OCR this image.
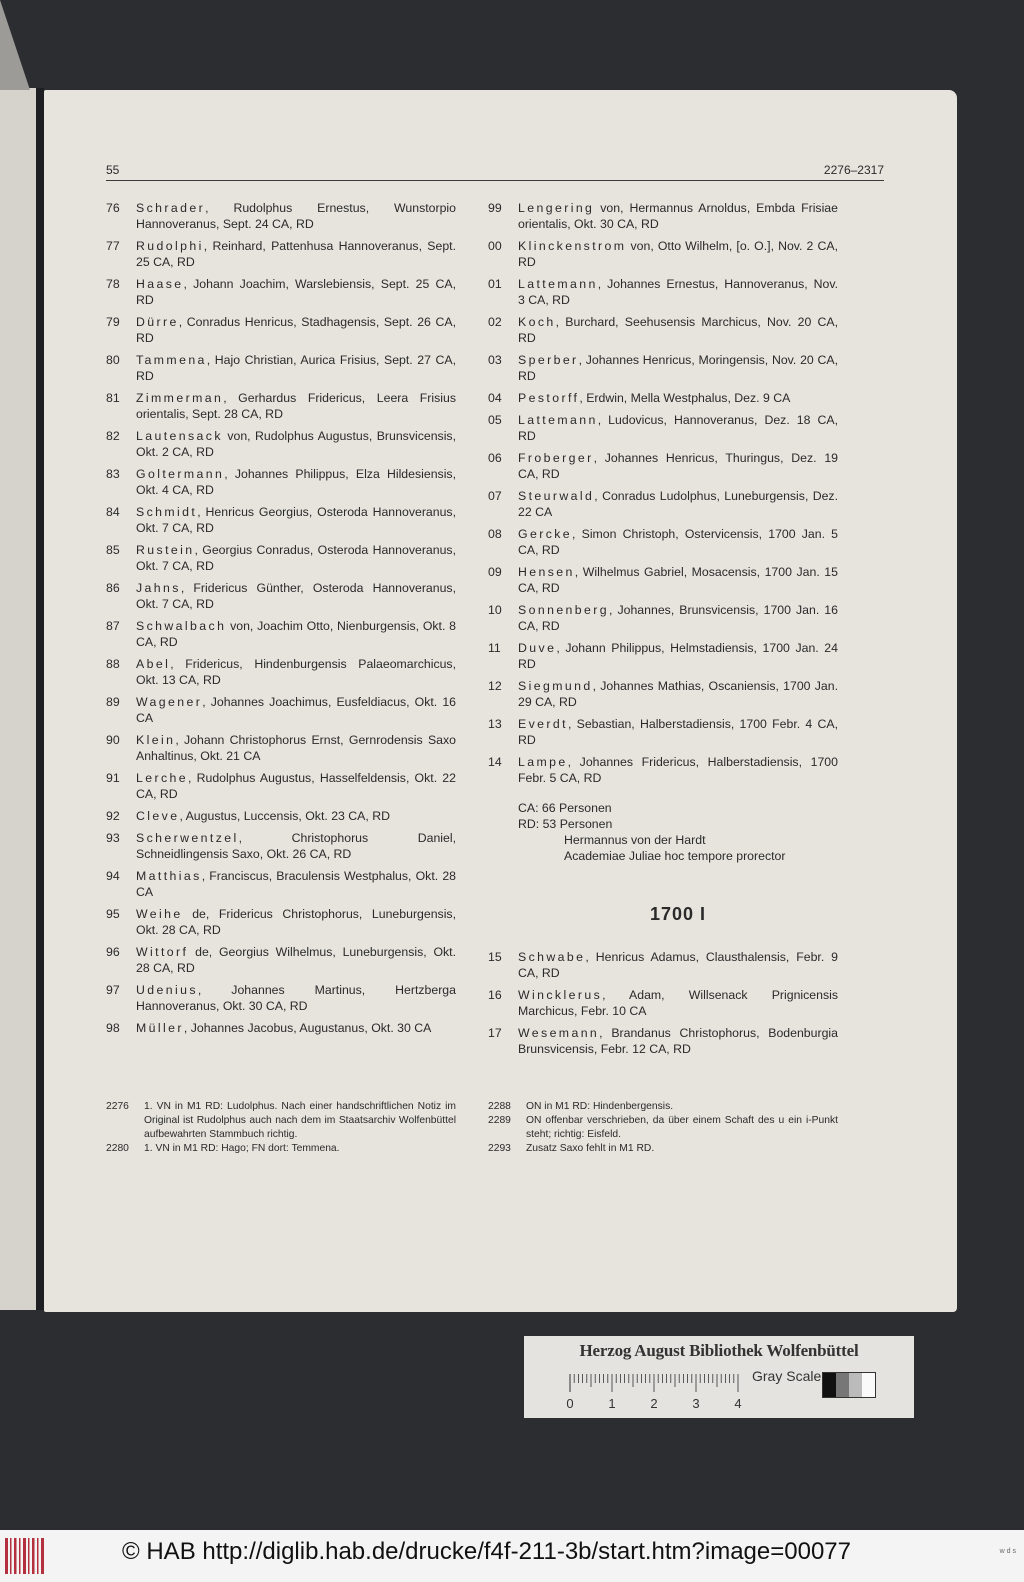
55	2276–2317
76	Schrader, Rudolphus Ernestus, Wunstorpio Hannoveranus, Sept. 24 CA, RD
77	Rudolphi, Reinhard, Pattenhusa Hannoveranus, Sept. 25 CA, RD
78	Haase, Johann Joachim, Warslebiensis, Sept. 25 CA, RD
79	Dürre, Conradus Henricus, Stadhagensis, Sept. 26 CA, RD
80	Tammena, Hajo Christian, Aurica Frisius, Sept. 27 CA, RD
81	Zimmerman, Gerhardus Fridericus, Leera Frisius orientalis, Sept. 28 CA, RD
82	Lautensack von, Rudolphus Augustus, Brunsvicensis, Okt. 2 CA, RD
83	Goltermann, Johannes Philippus, Elza Hildesiensis, Okt. 4 CA, RD
84	Schmidt, Henricus Georgius, Osteroda Hannoveranus, Okt. 7 CA, RD
85	Rustein, Georgius Conradus, Osteroda Hannoveranus, Okt. 7 CA, RD
86	Jahns, Fridericus Günther, Osteroda Hannoveranus, Okt. 7 CA, RD
87	Schwalbach von, Joachim Otto, Nienburgensis, Okt. 8 CA, RD
88	Abel, Fridericus, Hindenburgensis Palaeomarchicus, Okt. 13 CA, RD
89	Wagener, Johannes Joachimus, Eusfeldiacus, Okt. 16 CA
90	Klein, Johann Christophorus Ernst, Gernrodensis Saxo Anhaltinus, Okt. 21 CA
91	Lerche, Rudolphus Augustus, Hasselfeldensis, Okt. 22 CA, RD
92	Cleve, Augustus, Luccensis, Okt. 23 CA, RD
93	Scherwentzel, Christophorus Daniel, Schneidlingensis Saxo, Okt. 26 CA, RD
94	Matthias, Franciscus, Braculensis Westphalus, Okt. 28 CA
95	Weihe de, Fridericus Christophorus, Luneburgensis, Okt. 28 CA, RD
96	Wittorf de, Georgius Wilhelmus, Luneburgensis, Okt. 28 CA, RD
97	Udenius, Johannes Martinus, Hertzberga Hannoveranus, Okt. 30 CA, RD
98	Müller, Johannes Jacobus, Augustanus, Okt. 30 CA
99	Lengering von, Hermannus Arnoldus, Embda Frisiae orientalis, Okt. 30 CA, RD
00	Klinckenstrom von, Otto Wilhelm, [o. O.], Nov. 2 CA, RD
01	Lattemann, Johannes Ernestus, Hannoveranus, Nov. 3 CA, RD
02	Koch, Burchard, Seehusensis Marchicus, Nov. 20 CA, RD
03	Sperber, Johannes Henricus, Moringensis, Nov. 20 CA, RD
04	Pestorff, Erdwin, Mella Westphalus, Dez. 9 CA
05	Lattemann, Ludovicus, Hannoveranus, Dez. 18 CA, RD
06	Froberger, Johannes Henricus, Thuringus, Dez. 19 CA, RD
07	Steurwald, Conradus Ludolphus, Luneburgensis, Dez. 22 CA
08	Gercke, Simon Christoph, Ostervicensis, 1700 Jan. 5 CA, RD
09	Hensen, Wilhelmus Gabriel, Mosacensis, 1700 Jan. 15 CA, RD
10	Sonnenberg, Johannes, Brunsvicensis, 1700 Jan. 16 CA, RD
11	Duve, Johann Philippus, Helmstadiensis, 1700 Jan. 24 RD
12	Siegmund, Johannes Mathias, Oscaniensis, 1700 Jan. 29 CA, RD
13	Everdt, Sebastian, Halberstadiensis, 1700 Febr. 4 CA, RD
14	Lampe, Johannes Fridericus, Halberstadiensis, 1700 Febr. 5 CA, RD
CA: 66 Personen
RD: 53 Personen
Hermannus von der Hardt
Academiae Juliae hoc tempore prorector
1700 I
15	Schwabe, Henricus Adamus, Clausthalensis, Febr. 9 CA, RD
16	Wincklerus, Adam, Willsenack Prignicensis Marchicus, Febr. 10 CA
17	Wesemann, Brandanus Christophorus, Bodenburgia Brunsvicensis, Febr. 12 CA, RD
2276 1. VN in M1 RD: Ludolphus. Nach einer handschriftlichen Notiz im Original ist Rudolphus auch nach dem im Staatsarchiv Wolfenbüttel aufbewahrten Stammbuch richtig.
2280 1. VN in M1 RD: Hago; FN dort: Temmena.
2288 ON in M1 RD: Hindenbergensis.
2289 ON offenbar verschrieben, da über einem Schaft des u ein i-Punkt steht; richtig: Eisfeld.
2293 Zusatz Saxo fehlt in M1 RD.
Herzog August Bibliothek Wolfenbüttel
0	1	2	3	4
Gray Scale
© HAB http://diglib.hab.de/drucke/f4f-211-3b/start.htm?image=00077	w d s
